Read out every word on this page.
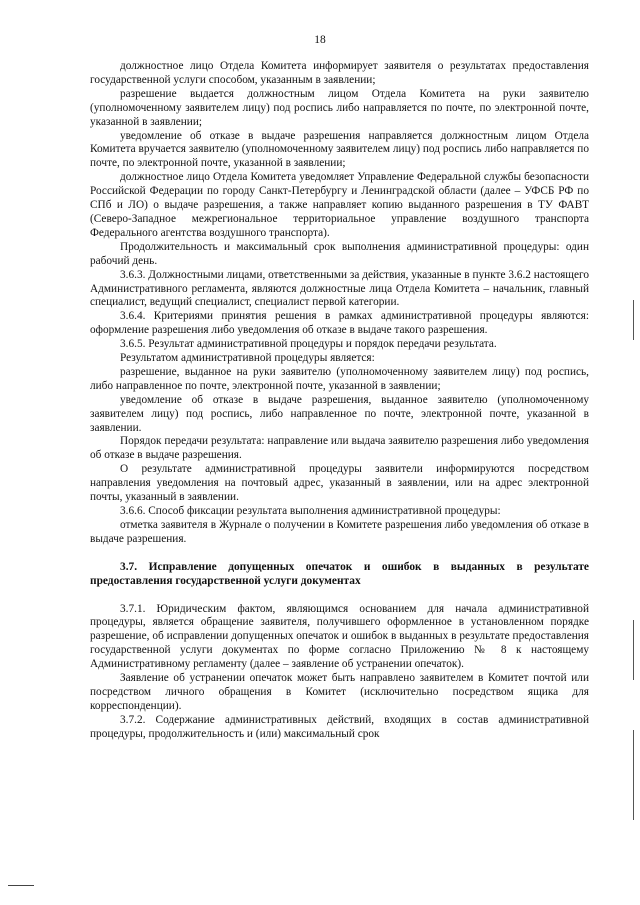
18

должностное лицо Отдела Комитета информирует заявителя о результатах предоставления государственной услуги способом, указанным в заявлении;

разрешение выдается должностным лицом Отдела Комитета на руки заявителю (уполномоченному заявителем лицу) под роспись либо направляется по почте, по электронной почте, указанной в заявлении;

уведомление об отказе в выдаче разрешения направляется должностным лицом Отдела Комитета вручается заявителю (уполномоченному заявителем лицу) под роспись либо направляется по почте, по электронной почте, указанной в заявлении;

должностное лицо Отдела Комитета уведомляет Управление Федеральной службы безопасности Российской Федерации по городу Санкт-Петербургу и Ленинградской области (далее – УФСБ РФ по СПб и ЛО) о выдаче разрешения, а также направляет копию выданного разрешения в ТУ ФАВТ (Северо-Западное межрегиональное территориальное управление воздушного транспорта Федерального агентства воздушного транспорта).

Продолжительность и максимальный срок выполнения административной процедуры: один рабочий день.

3.6.3. Должностными лицами, ответственными за действия, указанные в пункте 3.6.2 настоящего Административного регламента, являются должностные лица Отдела Комитета – начальник, главный специалист, ведущий специалист, специалист первой категории.

3.6.4. Критериями принятия решения в рамках административной процедуры являются: оформление разрешения либо уведомления об отказе в выдаче такого разрешения.

3.6.5. Результат административной процедуры и порядок передачи результата.

Результатом административной процедуры является:

разрешение, выданное на руки заявителю (уполномоченному заявителем лицу) под роспись, либо направленное по почте, электронной почте, указанной в заявлении;

уведомление об отказе в выдаче разрешения, выданное заявителю (уполномоченному заявителем лицу) под роспись, либо направленное по почте, электронной почте, указанной в заявлении.

Порядок передачи результата: направление или выдача заявителю разрешения либо уведомления об отказе в выдаче разрешения.

О результате административной процедуры заявители информируются посредством направления уведомления на почтовый адрес, указанный в заявлении, или на адрес электронной почты, указанный в заявлении.

3.6.6. Способ фиксации результата выполнения административной процедуры:

отметка заявителя в Журнале о получении в Комитете разрешения либо уведомления об отказе в выдаче разрешения.

3.7. Исправление допущенных опечаток и ошибок в выданных в результате предоставления государственной услуги документах

3.7.1. Юридическим фактом, являющимся основанием для начала административной процедуры, является обращение заявителя, получившего оформленное в установленном порядке разрешение, об исправлении допущенных опечаток и ошибок в выданных в результате предоставления государственной услуги документах по форме согласно Приложению № 8 к настоящему Административному регламенту (далее – заявление об устранении опечаток).

Заявление об устранении опечаток может быть направлено заявителем в Комитет почтой или посредством личного обращения в Комитет (исключительно посредством ящика для корреспонденции).

3.7.2. Содержание административных действий, входящих в состав административной процедуры, продолжительность и (или) максимальный срок
